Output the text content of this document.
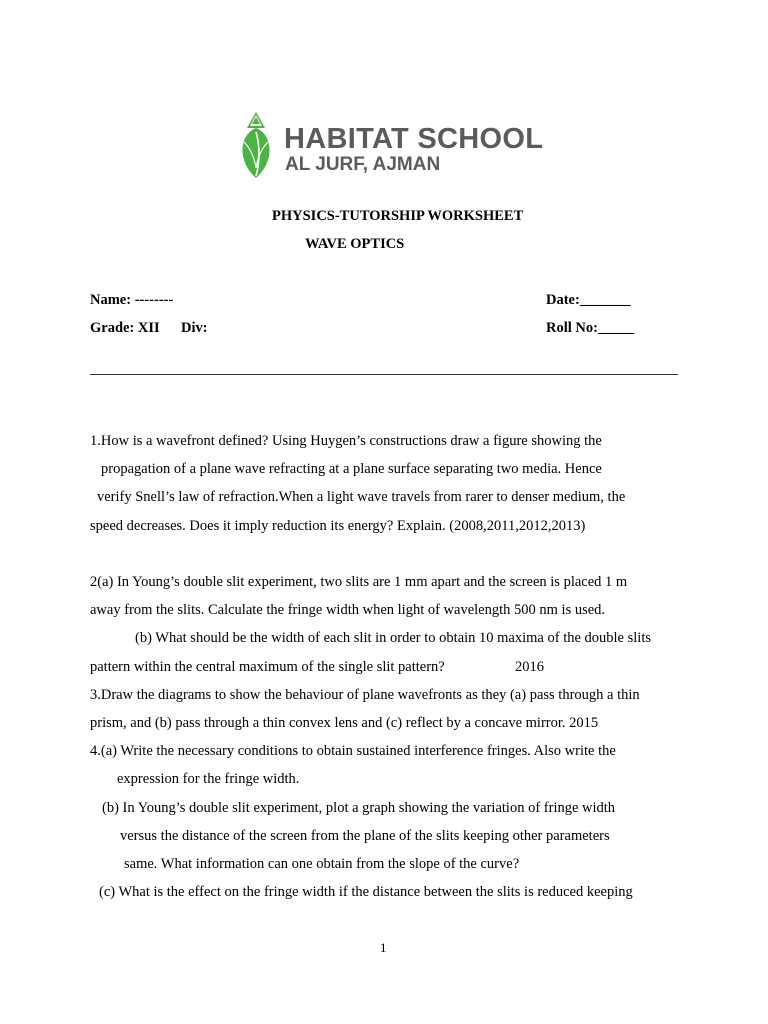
HABITAT SCHOOL
AL JURF, AJMAN
PHYSICS-TUTORSHIP WORKSHEET
WAVE OPTICS
Name: --------	Date:_______
Grade: XII Div:	Roll No:_____
1.How is a wavefront defined? Using Huygen’s constructions draw a figure showing the
propagation of a plane wave refracting at a plane surface separating two media. Hence
verify Snell’s law of refraction.When a light wave travels from rarer to denser medium, the
speed decreases. Does it imply reduction its energy? Explain. (2008,2011,2012,2013)
2(a) In Young’s double slit experiment, two slits are 1 mm apart and the screen is placed 1 m
away from the slits. Calculate the fringe width when light of wavelength 500 nm is used.
(b) What should be the width of each slit in order to obtain 10 maxima of the double slits
pattern within the central maximum of the single slit pattern?	2016
3.Draw the diagrams to show the behaviour of plane wavefronts as they (a) pass through a thin
prism, and (b) pass through a thin convex lens and (c) reflect by a concave mirror. 2015
4.(a) Write the necessary conditions to obtain sustained interference fringes. Also write the
expression for the fringe width.
(b) In Young’s double slit experiment, plot a graph showing the variation of fringe width
versus the distance of the screen from the plane of the slits keeping other parameters
same. What information can one obtain from the slope of the curve?
(c) What is the effect on the fringe width if the distance between the slits is reduced keeping
1
